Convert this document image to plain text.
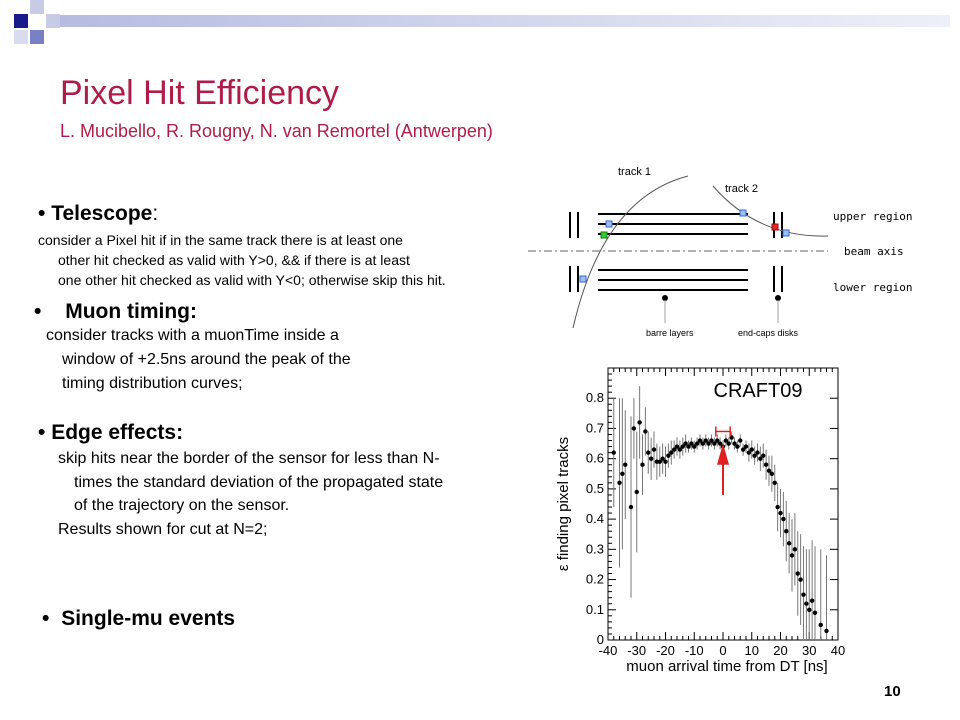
Pixel Hit Efficiency
L. Mucibello, R. Rougny, N. van Remortel (Antwerpen)
• Telescope:
consider a Pixel hit if in the same track there is at least one
other hit checked as valid with Y>0, && if there is at least
one other hit checked as valid with Y<0; otherwise skip this hit.
• Muon timing:
consider tracks with a muonTime inside a
window of +2.5ns around the peak of the
timing distribution curves;
• Edge effects:
skip hits near the border of the sensor for less than N-
times the standard deviation of the propagated state
of the trajectory on the sensor.
Results shown for cut at N=2;
• Single-mu events
track 1
track 2
upper region
beam axis
lower region
barre layers	end-caps disks
CRAFT09
ε finding pixel tracks
muon arrival time from DT [ns]
-40 -30 -20 -10 0 10 20 30 40
0
0.1
0.2
0.3
0.4
0.5
0.6
0.7
0.8
10
